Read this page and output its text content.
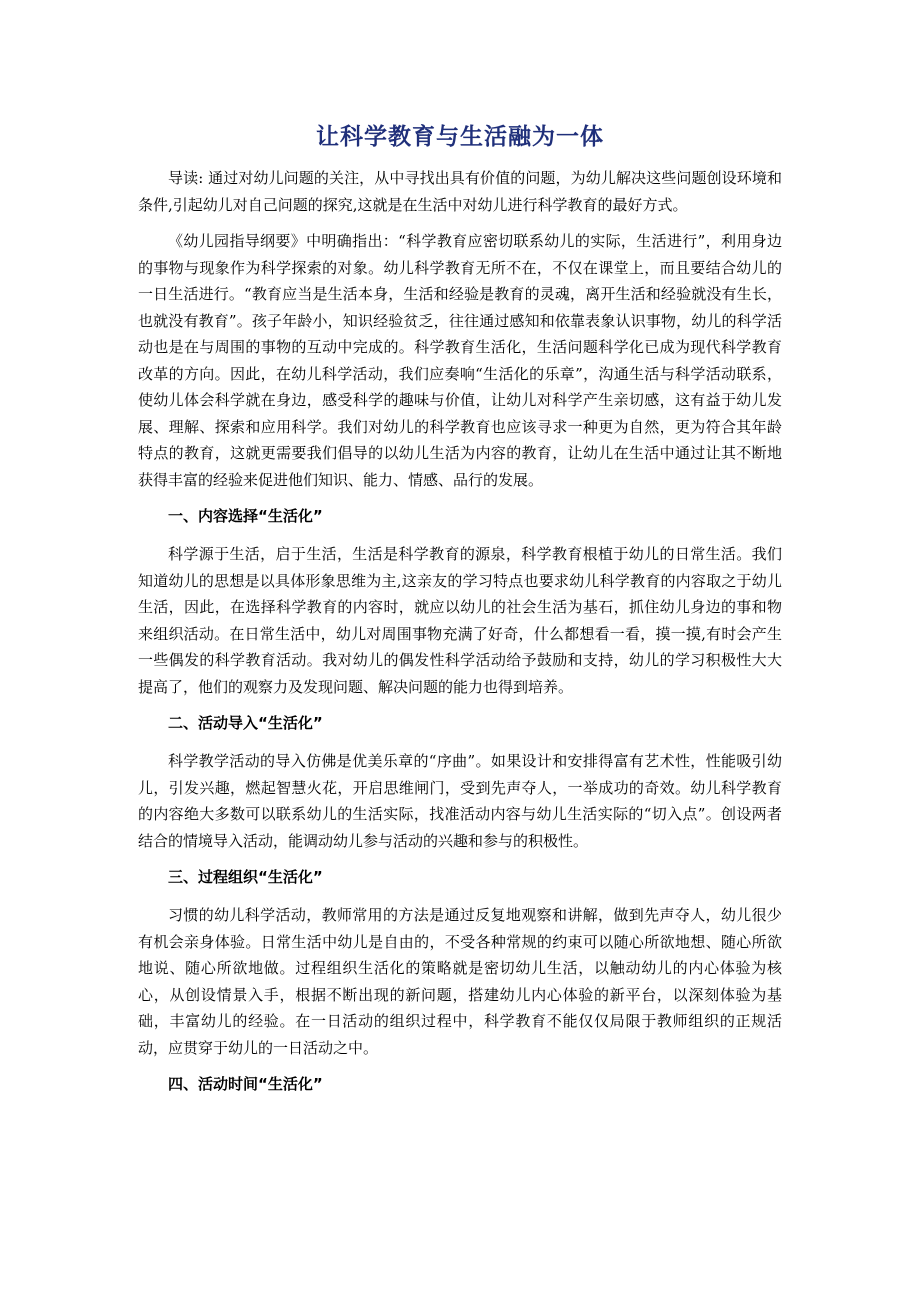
让科学教育与生活融为一体

导读: 通过对幼儿问题的关注，从中寻找出具有价值的问题，为幼儿解决这些问题创设环境和条件,引起幼儿对自己问题的探究,这就是在生活中对幼儿进行科学教育的最好方式。

《幼儿园指导纲要》中明确指出：“科学教育应密切联系幼儿的实际，生活进行”，利用身边的事物与现象作为科学探索的对象。幼儿科学教育无所不在，不仅在课堂上，而且要结合幼儿的一日生活进行。“教育应当是生活本身，生活和经验是教育的灵魂，离开生活和经验就没有生长，也就没有教育”。孩子年龄小，知识经验贫乏，往往通过感知和依靠表象认识事物，幼儿的科学活动也是在与周围的事物的互动中完成的。科学教育生活化，生活问题科学化已成为现代科学教育改革的方向。因此，在幼儿科学活动，我们应奏响“生活化的乐章”，沟通生活与科学活动联系，使幼儿体会科学就在身边，感受科学的趣味与价值，让幼儿对科学产生亲切感，这有益于幼儿发展、理解、探索和应用科学。我们对幼儿的科学教育也应该寻求一种更为自然，更为符合其年龄特点的教育，这就更需要我们倡导的以幼儿生活为内容的教育，让幼儿在生活中通过让其不断地获得丰富的经验来促进他们知识、能力、情感、品行的发展。

一、内容选择“生活化”

科学源于生活，启于生活，生活是科学教育的源泉，科学教育根植于幼儿的日常生活。我们知道幼儿的思想是以具体形象思维为主,这亲友的学习特点也要求幼儿科学教育的内容取之于幼儿生活，因此，在选择科学教育的内容时，就应以幼儿的社会生活为基石，抓住幼儿身边的事和物来组织活动。在日常生活中，幼儿对周围事物充满了好奇，什么都想看一看，摸一摸,有时会产生一些偶发的科学教育活动。我对幼儿的偶发性科学活动给予鼓励和支持，幼儿的学习积极性大大提高了，他们的观察力及发现问题、解决问题的能力也得到培养。

二、活动导入“生活化”

科学教学活动的导入仿佛是优美乐章的“序曲”。如果设计和安排得富有艺术性，性能吸引幼儿，引发兴趣，燃起智慧火花，开启思维闸门，受到先声夺人，一举成功的奇效。幼儿科学教育的内容绝大多数可以联系幼儿的生活实际，找准活动内容与幼儿生活实际的“切入点”。创设两者结合的情境导入活动，能调动幼儿参与活动的兴趣和参与的积极性。

三、过程组织“生活化”

习惯的幼儿科学活动，教师常用的方法是通过反复地观察和讲解，做到先声夺人，幼儿很少有机会亲身体验。日常生活中幼儿是自由的，不受各种常规的约束可以随心所欲地想、随心所欲地说、随心所欲地做。过程组织生活化的策略就是密切幼儿生活，以触动幼儿的内心体验为核心，从创设情景入手，根据不断出现的新问题，搭建幼儿内心体验的新平台，以深刻体验为基础，丰富幼儿的经验。在一日活动的组织过程中，科学教育不能仅仅局限于教师组织的正规活动，应贯穿于幼儿的一日活动之中。

四、活动时间“生活化”
